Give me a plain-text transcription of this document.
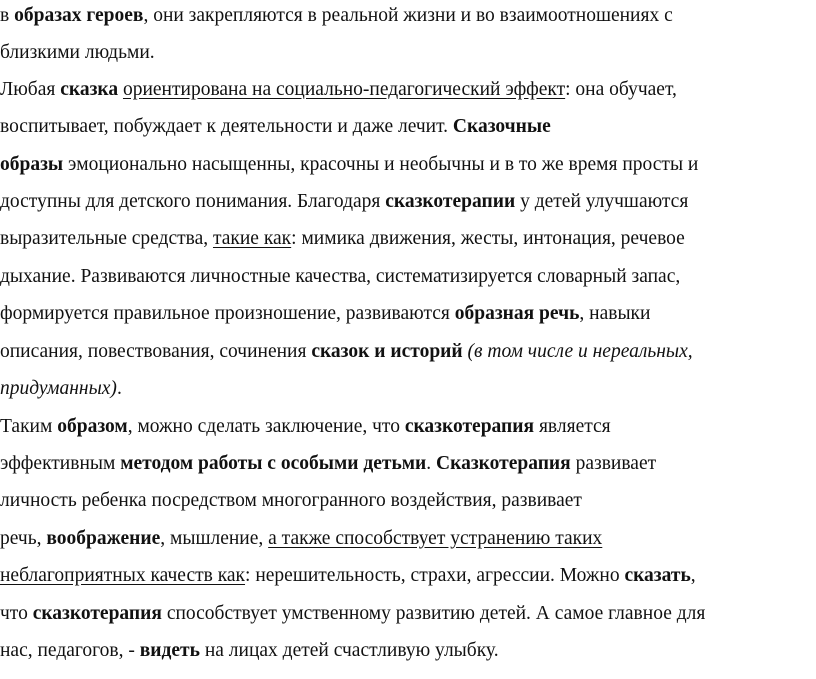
в образах героев, они закрепляются в реальной жизни и во взаимоотношениях с
близкими людьми.
Любая сказка ориентирована на социально-педагогический эффект: она обучает,
воспитывает, побуждает к деятельности и даже лечит. Сказочные
образы эмоционально насыщенны, красочны и необычны и в то же время просты и
доступны для детского понимания. Благодаря сказкотерапии у детей улучшаются
выразительные средства, такие как: мимика движения, жесты, интонация, речевое
дыхание. Развиваются личностные качества, систематизируется словарный запас,
формируется правильное произношение, развиваются образная речь, навыки
описания, повествования, сочинения сказок и историй (в том числе и нереальных,
придуманных).
Таким образом, можно сделать заключение, что сказкотерапия является
эффективным методом работы с особыми детьми. Сказкотерапия развивает
личность ребенка посредством многогранного воздействия, развивает
речь, воображение, мышление, а также способствует устранению таких
неблагоприятных качеств как: нерешительность, страхи, агрессии. Можно сказать,
что сказкотерапия способствует умственному развитию детей. А самое главное для
нас, педагогов, - видеть на лицах детей счастливую улыбку.
